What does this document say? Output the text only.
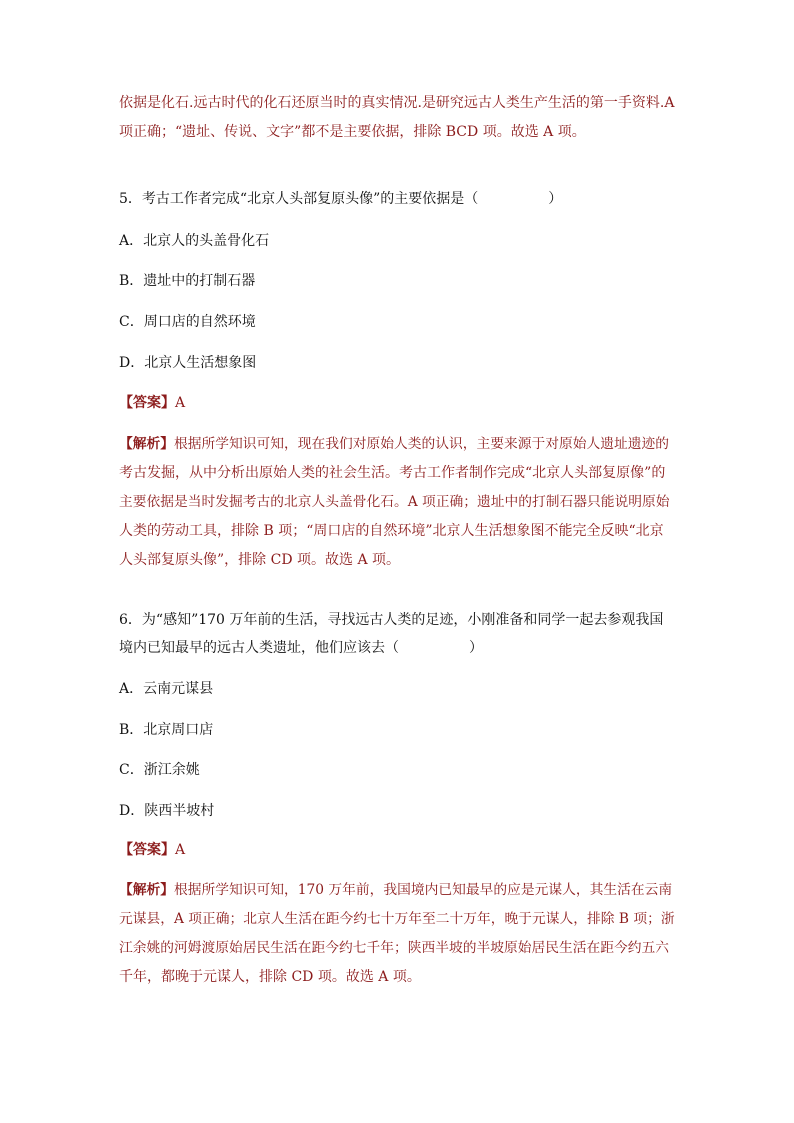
依据是化石.远古时代的化石还原当时的真实情况.是研究远古人类生产生活的第一手资料.A
项正确；“遗址、传说、文字”都不是主要依据，排除 BCD 项。故选 A 项。
5．考古工作者完成“北京人头部复原头像”的主要依据是（	）
A．北京人的头盖骨化石
B．遗址中的打制石器
C．周口店的自然环境
D．北京人生活想象图
【答案】A
【解析】根据所学知识可知，现在我们对原始人类的认识，主要来源于对原始人遗址遗迹的
考古发掘，从中分析出原始人类的社会生活。考古工作者制作完成“北京人头部复原像”的
主要依据是当时发掘考古的北京人头盖骨化石。A 项正确；遗址中的打制石器只能说明原始
人类的劳动工具，排除 B 项；“周口店的自然环境”北京人生活想象图不能完全反映“北京
人头部复原头像”，排除 CD 项。故选 A 项。
6．为“感知”170 万年前的生活，寻找远古人类的足迹，小刚准备和同学一起去参观我国
境内已知最早的远古人类遗址，他们应该去（	）
A．云南元谋县
B．北京周口店
C．浙江余姚
D．陕西半坡村
【答案】A
【解析】根据所学知识可知，170 万年前，我国境内已知最早的应是元谋人，其生活在云南
元谋县，A 项正确；北京人生活在距今约七十万年至二十万年，晚于元谋人，排除 B 项；浙
江余姚的河姆渡原始居民生活在距今约七千年；陕西半坡的半坡原始居民生活在距今约五六
千年，都晚于元谋人，排除 CD 项。故选 A 项。
